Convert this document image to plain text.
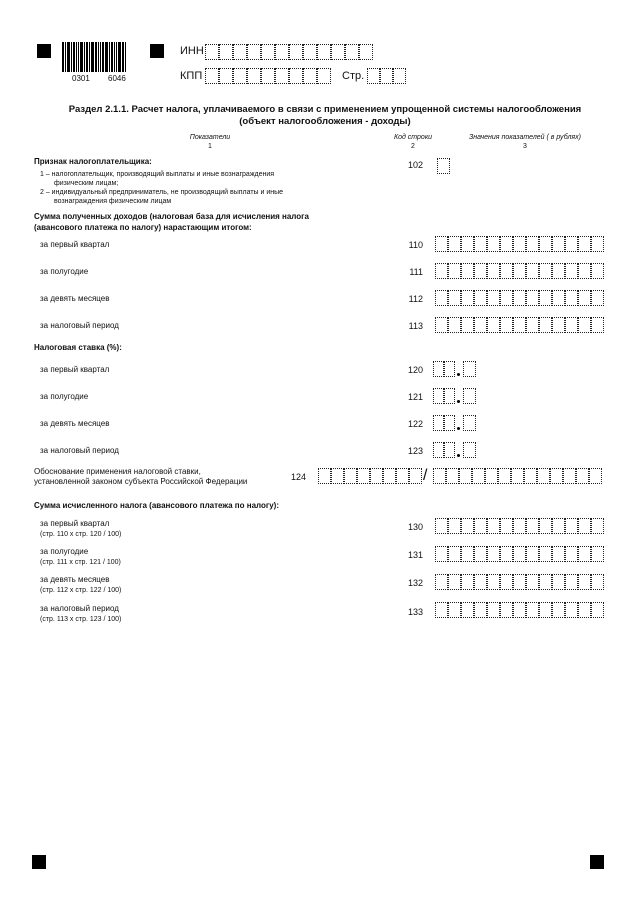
0301 6046
ИНН
КПП	Стр.
Раздел 2.1.1. Расчет налога, уплачиваемого в связи с применением упрощенной системы налогообложения
(объект налогообложения - доходы)
Показатели
1
Код строки
2
Значения показателей ( в рублях)
3
Признак налогоплательщика:	102
1 – налогоплательщик, производящий выплаты и иные вознаграждения
физическим лицам;
2 – индивидуальный предприниматель, не производящий выплаты и иные
вознаграждения физическим лицам
Сумма полученных доходов (налоговая база для исчисления налога
(авансового платежа по налогу) нарастающим итогом:
за первый квартал	110
за полугодие	111
за девять месяцев	112
за налоговый период	113
Налоговая ставка (%):
за первый квартал	120
за полугодие	121
за девять месяцев	122
за налоговый период	123
Обоснование применения налоговой ставки,
установленной законом субъекта Российской Федерации	124	/
Сумма исчисленного налога (авансового платежа по налогу):
за первый квартал
(стр. 110 х стр. 120 / 100)
130
за полугодие
(стр. 111 х стр. 121 / 100)
131
за девять месяцев
(стр. 112 х стр. 122 / 100)
132
за налоговый период
(стр. 113 х стр. 123 / 100)
133
